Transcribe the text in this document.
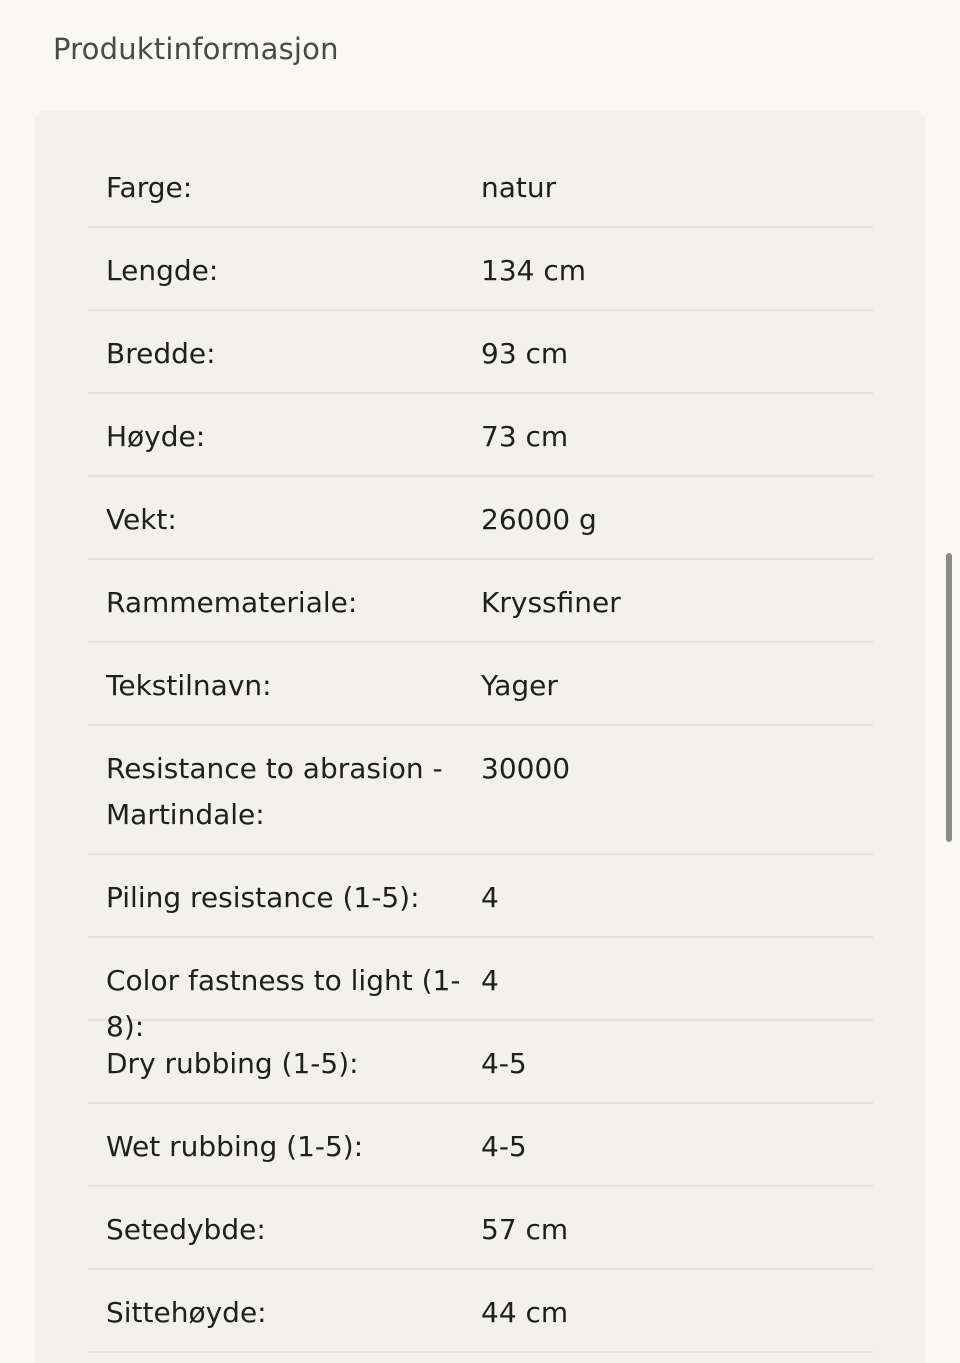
Produktinformasjon
Farge:	natur
Lengde:	134 cm
Bredde:	93 cm
Høyde:	73 cm
Vekt:	26000 g
Rammemateriale:	Kryssfiner
Tekstilnavn:	Yager
Resistance to abrasion - Martindale:
30000
Piling resistance (1-5):	4
Color fastness to light (1-8):
4
Dry rubbing (1-5):	4-5
Wet rubbing (1-5):	4-5
Setedybde:	57 cm
Sittehøyde:	44 cm
